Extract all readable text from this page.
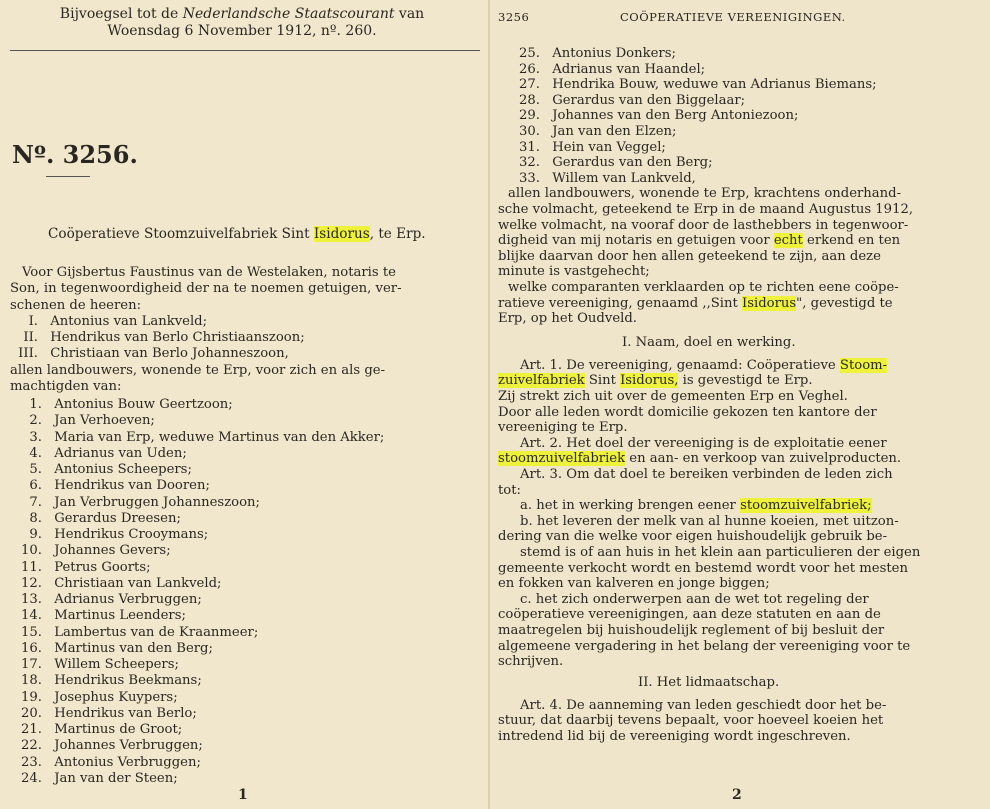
Bijvoegsel tot de Nederlandsche Staatscourant van
Woensdag 6 November 1912, nº. 260.
Nº. 3256.
Coöperatieve Stoomzuivelfabriek Sint Isidorus, te Erp.
Voor Gijsbertus Faustinus van de Westelaken, notaris te
Son, in tegenwoordigheid der na te noemen getuigen, ver-
schenen de heeren:
I. Antonius van Lankveld;
II. Hendrikus van Berlo Christiaanszoon;
III. Christiaan van Berlo Johanneszoon,
allen landbouwers, wonende te Erp, voor zich en als ge-
machtigden van:
1. Antonius Bouw Geertzoon;
2. Jan Verhoeven;
3. Maria van Erp, weduwe Martinus van den Akker;
4. Adrianus van Uden;
5. Antonius Scheepers;
6. Hendrikus van Dooren;
7. Jan Verbruggen Johanneszoon;
8. Gerardus Dreesen;
9. Hendrikus Crooymans;
10. Johannes Gevers;
11. Petrus Goorts;
12. Christiaan van Lankveld;
13. Adrianus Verbruggen;
14. Martinus Leenders;
15. Lambertus van de Kraanmeer;
16. Martinus van den Berg;
17. Willem Scheepers;
18. Hendrikus Beekmans;
19. Josephus Kuypers;
20. Hendrikus van Berlo;
21. Martinus de Groot;
22. Johannes Verbruggen;
23. Antonius Verbruggen;
24. Jan van der Steen;
1
3256	COÖPERATIEVE VEREENIGINGEN.
25. Antonius Donkers;
26. Adrianus van Haandel;
27. Hendrika Bouw, weduwe van Adrianus Biemans;
28. Gerardus van den Biggelaar;
29. Johannes van den Berg Antoniezoon;
30. Jan van den Elzen;
31. Hein van Veggel;
32. Gerardus van den Berg;
33. Willem van Lankveld,
allen landbouwers, wonende te Erp, krachtens onderhand-
sche volmacht, geteekend te Erp in de maand Augustus 1912,
welke volmacht, na vooraf door de lasthebbers in tegenwoor-
digheid van mij notaris en getuigen voor echt erkend en ten
blijke daarvan door hen allen geteekend te zijn, aan deze
minute is vastgehecht;
welke comparanten verklaarden op te richten eene coöpe-
ratieve vereeniging, genaamd ,,Sint Isidorus", gevestigd te
Erp, op het Oudveld.
I. Naam, doel en werking.
Art. 1. De vereeniging, genaamd: Coöperatieve Stoom-
zuivelfabriek Sint Isidorus, is gevestigd te Erp.
Zij strekt zich uit over de gemeenten Erp en Veghel.
Door alle leden wordt domicilie gekozen ten kantore der
vereeniging te Erp.
Art. 2. Het doel der vereeniging is de exploitatie eener
stoomzuivelfabriek en aan- en verkoop van zuivelproducten.
Art. 3. Om dat doel te bereiken verbinden de leden zich
tot:
a. het in werking brengen eener stoomzuivelfabriek;
b. het leveren der melk van al hunne koeien, met uitzon-
dering van die welke voor eigen huishoudelijk gebruik be-
stemd is of aan huis in het klein aan particulieren der eigen
gemeente verkocht wordt en bestemd wordt voor het mesten
en fokken van kalveren en jonge biggen;
c. het zich onderwerpen aan de wet tot regeling der
coöperatieve vereenigingen, aan deze statuten en aan de
maatregelen bij huishoudelijk reglement of bij besluit der
algemeene vergadering in het belang der vereeniging voor te
schrijven.
II. Het lidmaatschap.
Art. 4. De aanneming van leden geschiedt door het be-
stuur, dat daarbij tevens bepaalt, voor hoeveel koeien het
intredend lid bij de vereeniging wordt ingeschreven.
2
